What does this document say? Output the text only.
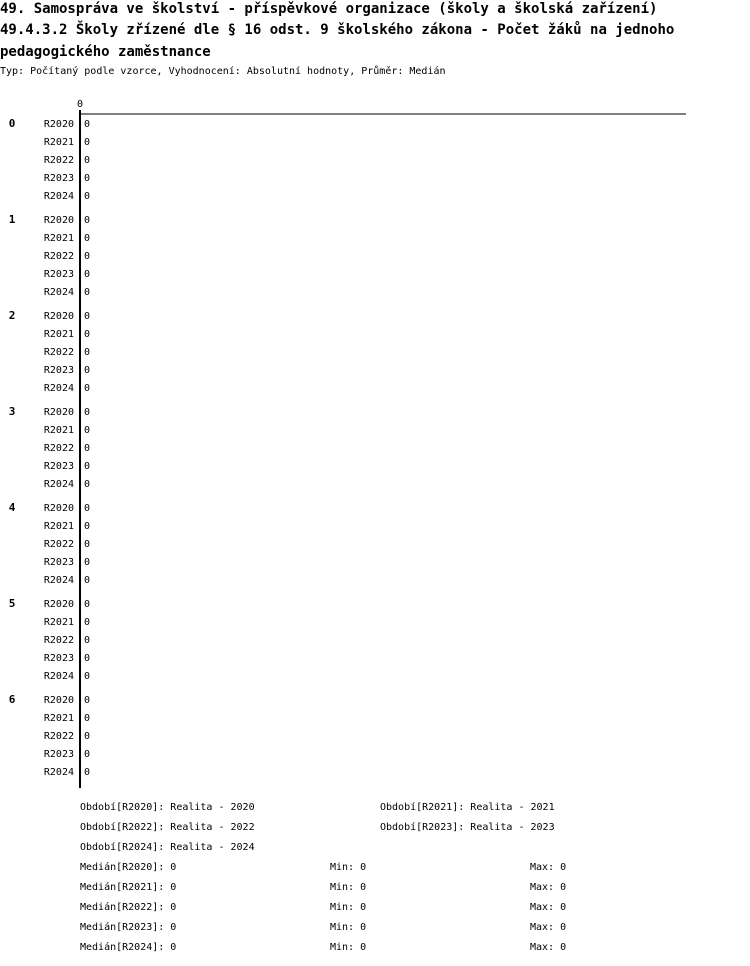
49. Samospráva ve školství - příspěvkové organizace (školy a školská zařízení)
49.4.3.2 Školy zřízené dle § 16 odst. 9 školského zákona - Počet žáků na jednoho
pedagogického zaměstnance
Typ: Počítaný podle vzorce, Vyhodnocení: Absolutní hodnoty, Průměr: Medián
0
0	R2020 0
R2021 0
R2022 0
R2023 0
R2024 0
1	R2020 0
R2021 0
R2022 0
R2023 0
R2024 0
2	R2020 0
R2021 0
R2022 0
R2023 0
R2024 0
3	R2020 0
R2021 0
R2022 0
R2023 0
R2024 0
4	R2020 0
R2021 0
R2022 0
R2023 0
R2024 0
5	R2020 0
R2021 0
R2022 0
R2023 0
R2024 0
6	R2020 0
R2021 0
R2022 0
R2023 0
R2024 0
Období[R2020]: Realita - 2020	Období[R2021]: Realita - 2021
Období[R2022]: Realita - 2022	Období[R2023]: Realita - 2023
Období[R2024]: Realita - 2024
Medián[R2020]: 0	Min: 0	Max: 0
Medián[R2021]: 0	Min: 0	Max: 0
Medián[R2022]: 0	Min: 0	Max: 0
Medián[R2023]: 0	Min: 0	Max: 0
Medián[R2024]: 0	Min: 0	Max: 0
